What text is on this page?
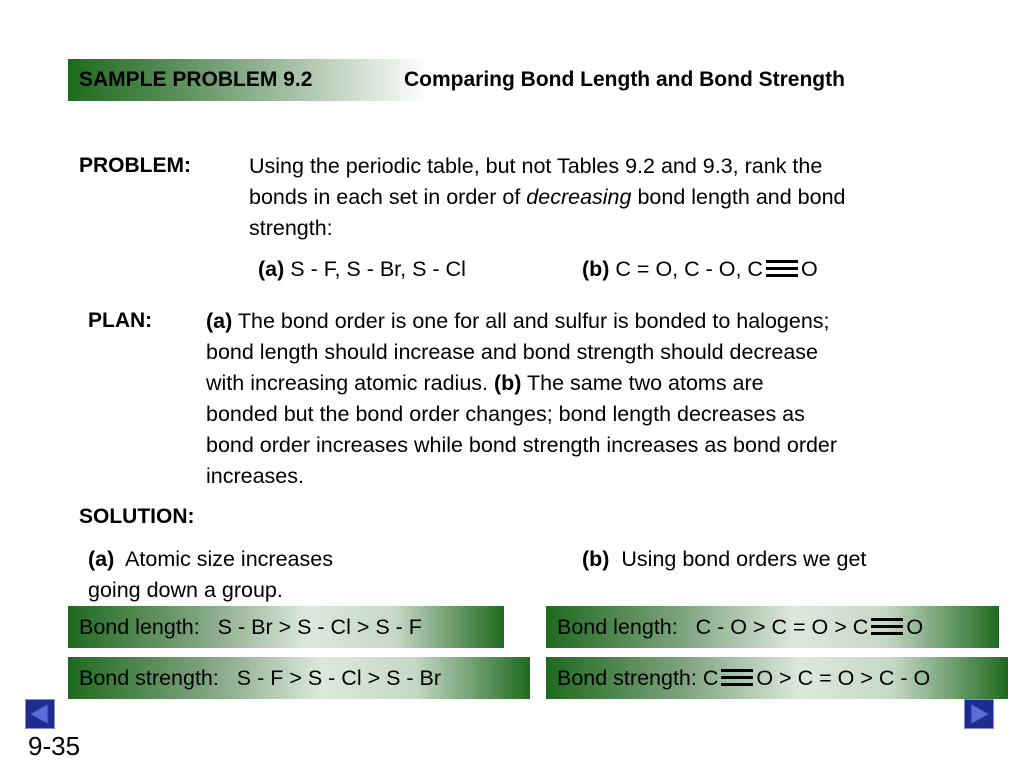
SAMPLE PROBLEM 9.2	Comparing Bond Length and Bond Strength
PROBLEM:	Using the periodic table, but not Tables 9.2 and 9.3, rank the
bonds in each set in order of decreasing bond length and bond
strength:
(a) S - F, S - Br, S - Cl	(b) C = O, C - O, C O
PLAN:	(a) The bond order is one for all and sulfur is bonded to halogens;
bond length should increase and bond strength should decrease
with increasing atomic radius. (b) The same two atoms are
bonded but the bond order changes; bond length decreases as
bond order increases while bond strength increases as bond order
increases.
SOLUTION:
(a)  Atomic size increases
going down a group.
(b)  Using bond orders we get
Bond length:   S - Br > S - Cl > S - F
Bond strength:   S - F > S - Cl > S - Br
Bond length:   C - O > C = O > C O
Bond strength: C O > C = O > C - O
9-35
